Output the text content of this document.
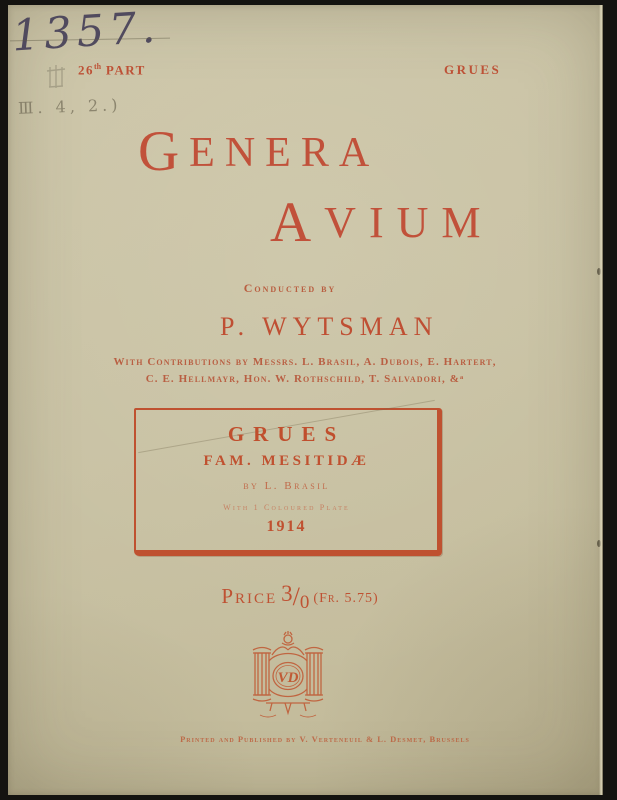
1357.
Ⅲ. 4, 2.)
26th PART	GRUES
GENERA
AVIUM
Conducted by
P. WYTSMAN
With Contributions by Messrs. L. Brasil, A. Dubois, E. Hartert,
C. E. Hellmayr, Hon. W. Rothschild, T. Salvadori, &ᵃ
GRUES
FAM. MESITIDÆ
by L. Brasil
With 1 Coloured Plate
1914
Price 3/0 (Fr. 5.75)
VD
Printed and Published by V. Verteneuil & L. Desmet, Brussels
